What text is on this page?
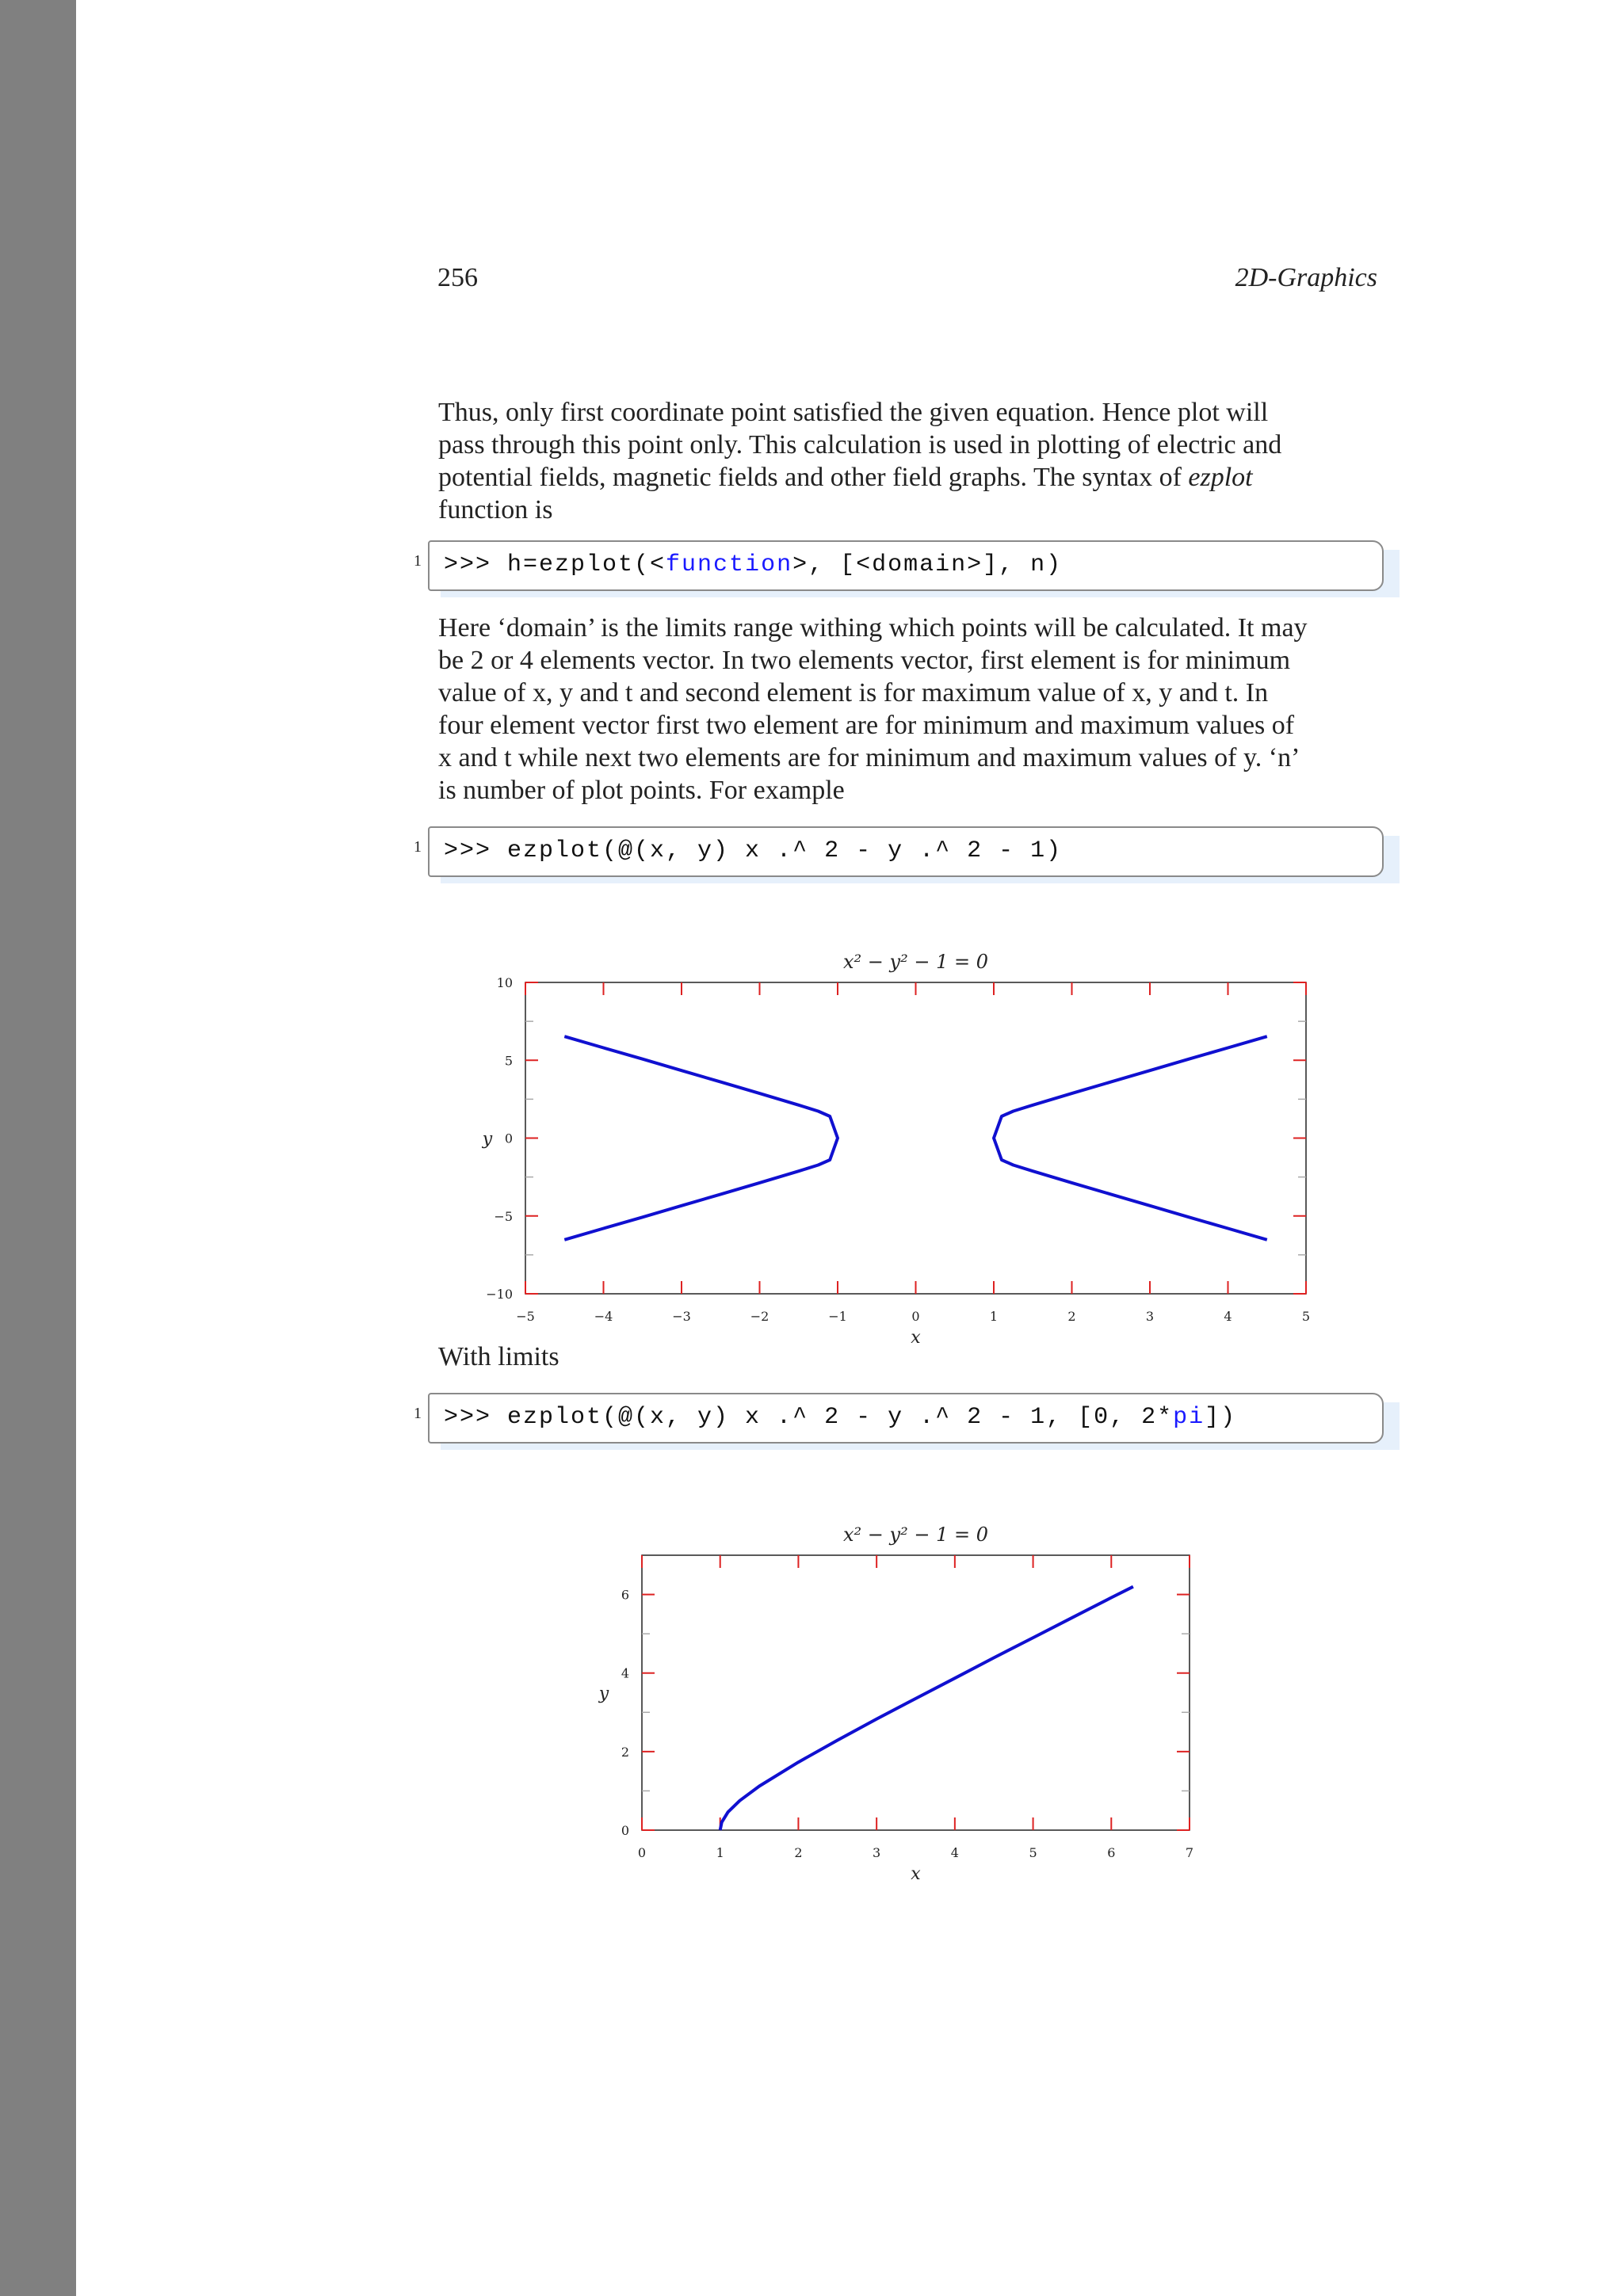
256	2D-Graphics
Thus, only first coordinate point satisfied the given equation. Hence plot will
pass through this point only. This calculation is used in plotting of electric and
potential fields, magnetic fields and other field graphs. The syntax of ezplot
function is
1 >>> h=ezplot(<function>, [<domain>], n)
Here ‘domain’ is the limits range withing which points will be calculated. It may
be 2 or 4 elements vector. In two elements vector, first element is for minimum
value of x, y and t and second element is for maximum value of x, y and t. In
four element vector first two element are for minimum and maximum values of
x and t while next two elements are for minimum and maximum values of y. ‘n’
is number of plot points. For example
1 >>> ezplot(@(x, y) x .^ 2 - y .^ 2 - 1)
−5	−4	−3	−2	−1	0	1	2	3	4	5
−10
−5
0
5
10
x² − y² − 1 = 0
x
y
With limits
1 >>> ezplot(@(x, y) x .^ 2 - y .^ 2 - 1, [0, 2*pi])
0	1	2	3	4	5	6	7
0
2
4
6
x² − y² − 1 = 0
x
y
